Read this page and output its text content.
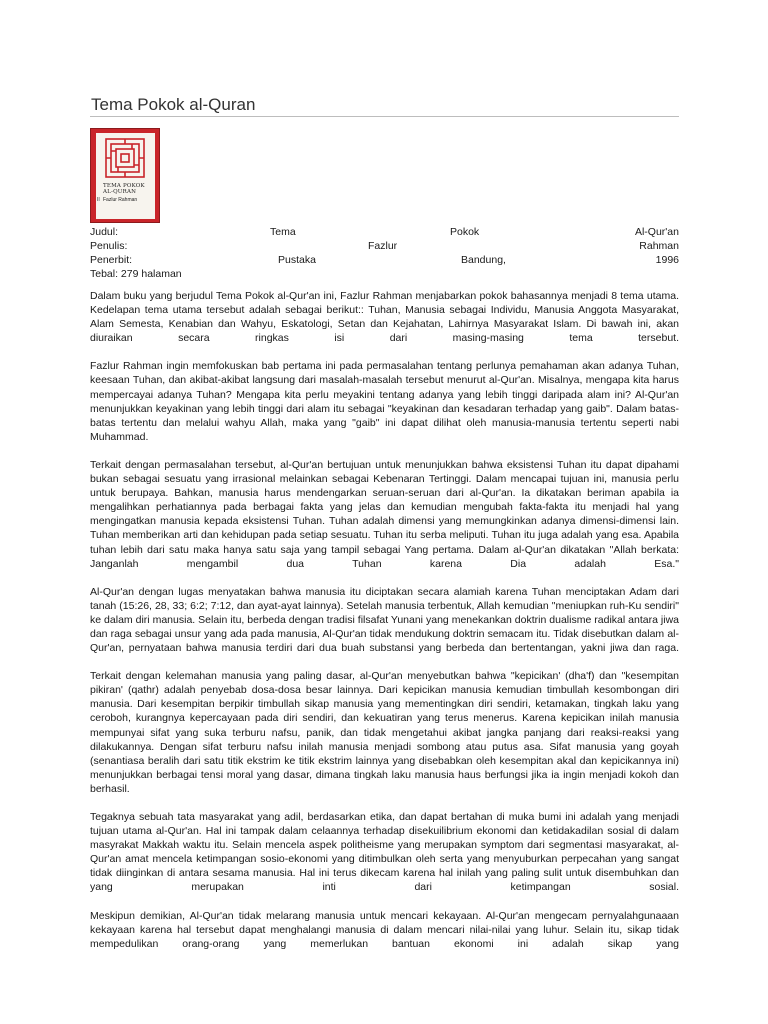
Tema Pokok al-Quran
TEMA POKOK
AL-QURAN
II Fazlur Rahman
Judul:	Tema	Pokok	Al-Qur'an
Penulis:	Fazlur	Rahman
Penerbit:	Pustaka	Bandung,	1996
Tebal: 279 halaman

Dalam buku yang berjudul Tema Pokok al-Qur'an ini, Fazlur Rahman menjabarkan pokok bahasannya menjadi 8 tema utama. Kedelapan tema utama tersebut adalah sebagai berikut:: Tuhan, Manusia sebagai Individu, Manusia Anggota Masyarakat, Alam Semesta, Kenabian dan Wahyu, Eskatologi, Setan dan Kejahatan, Lahirnya Masyarakat Islam. Di bawah ini, akan diuraikan secara ringkas isi dari masing-masing tema tersebut.

Fazlur Rahman ingin memfokuskan bab pertama ini pada permasalahan tentang perlunya pemahaman akan adanya Tuhan, keesaan Tuhan, dan akibat-akibat langsung dari masalah-masalah tersebut menurut al-Qur'an. Misalnya, mengapa kita harus mempercayai adanya Tuhan? Mengapa kita perlu meyakini tentang adanya yang lebih tinggi daripada alam ini? Al-Qur'an menunjukkan keyakinan yang lebih tinggi dari alam itu sebagai "keyakinan dan kesadaran terhadap yang gaib". Dalam batas-batas tertentu dan melalui wahyu Allah, maka yang "gaib" ini dapat dilihat oleh manusia-manusia tertentu seperti nabi Muhammad.

Terkait dengan permasalahan tersebut, al-Qur'an bertujuan untuk menunjukkan bahwa eksistensi Tuhan itu dapat dipahami bukan sebagai sesuatu yang irrasional melainkan sebagai Kebenaran Tertinggi. Dalam mencapai tujuan ini, manusia perlu untuk berupaya. Bahkan, manusia harus mendengarkan seruan-seruan dari al-Qur'an. Ia dikatakan beriman apabila ia mengalihkan perhatiannya pada berbagai fakta yang jelas dan kemudian mengubah fakta-fakta itu menjadi hal yang mengingatkan manusia kepada eksistensi Tuhan. Tuhan adalah dimensi yang memungkinkan adanya dimensi-dimensi lain. Tuhan memberikan arti dan kehidupan pada setiap sesuatu. Tuhan itu serba meliputi. Tuhan itu juga adalah yang esa. Apabila tuhan lebih dari satu maka hanya satu saja yang tampil sebagai Yang pertama. Dalam al-Qur'an dikatakan "Allah berkata: Janganlah mengambil dua Tuhan karena Dia adalah Esa."

Al-Qur'an dengan lugas menyatakan bahwa manusia itu diciptakan secara alamiah karena Tuhan menciptakan Adam dari tanah (15:26, 28, 33; 6:2; 7:12, dan ayat-ayat lainnya). Setelah manusia terbentuk, Allah kemudian "meniupkan ruh-Ku sendiri" ke dalam diri manusia. Selain itu, berbeda dengan tradisi filsafat Yunani yang menekankan doktrin dualisme radikal antara jiwa dan raga sebagai unsur yang ada pada manusia, Al-Qur'an tidak mendukung doktrin semacam itu. Tidak disebutkan dalam al-Qur'an, pernyataan bahwa manusia terdiri dari dua buah substansi yang berbeda dan bertentangan, yakni jiwa dan raga.

Terkait dengan kelemahan manusia yang paling dasar, al-Qur'an menyebutkan bahwa "kepicikan' (dha'f) dan "kesempitan pikiran' (qathr) adalah penyebab dosa-dosa besar lainnya. Dari kepicikan manusia kemudian timbullah kesombongan diri manusia. Dari kesempitan berpikir timbullah sikap manusia yang mementingkan diri sendiri, ketamakan, tingkah laku yang ceroboh, kurangnya kepercayaan pada diri sendiri, dan kekuatiran yang terus menerus. Karena kepicikan inilah manusia mempunyai sifat yang suka terburu nafsu, panik, dan tidak mengetahui akibat jangka panjang dari reaksi-reaksi yang dilakukannya. Dengan sifat terburu nafsu inilah manusia menjadi sombong atau putus asa. Sifat manusia yang goyah (senantiasa beralih dari satu titik ekstrim ke titik ekstrim lainnya yang disebabkan oleh kesempitan akal dan kepicikannya ini) menunjukkan berbagai tensi moral yang dasar, dimana tingkah laku manusia haus berfungsi jika ia ingin menjadi kokoh dan berhasil.

Tegaknya sebuah tata masyarakat yang adil, berdasarkan etika, dan dapat bertahan di muka bumi ini adalah yang menjadi tujuan utama al-Qur'an. Hal ini tampak dalam celaannya terhadap disekuilibrium ekonomi dan ketidakadilan sosial di dalam masyrakat Makkah waktu itu. Selain mencela aspek politheisme yang merupakan symptom dari segmentasi masyarakat, al-Qur'an amat mencela ketimpangan sosio-ekonomi yang ditimbulkan oleh serta yang menyuburkan perpecahan yang sangat tidak diinginkan di antara sesama manusia. Hal ini terus dikecam karena hal inilah yang paling sulit untuk disembuhkan dan yang merupakan inti dari ketimpangan sosial.

Meskipun demikian, Al-Qur'an tidak melarang manusia untuk mencari kekayaan. Al-Qur'an mengecam pernyalahgunaaan kekayaan karena hal tersebut dapat menghalangi manusia di dalam mencari nilai-nilai yang luhur. Selain itu, sikap tidak mempedulikan orang-orang yang memerlukan bantuan ekonomi ini adalah sikap yang
